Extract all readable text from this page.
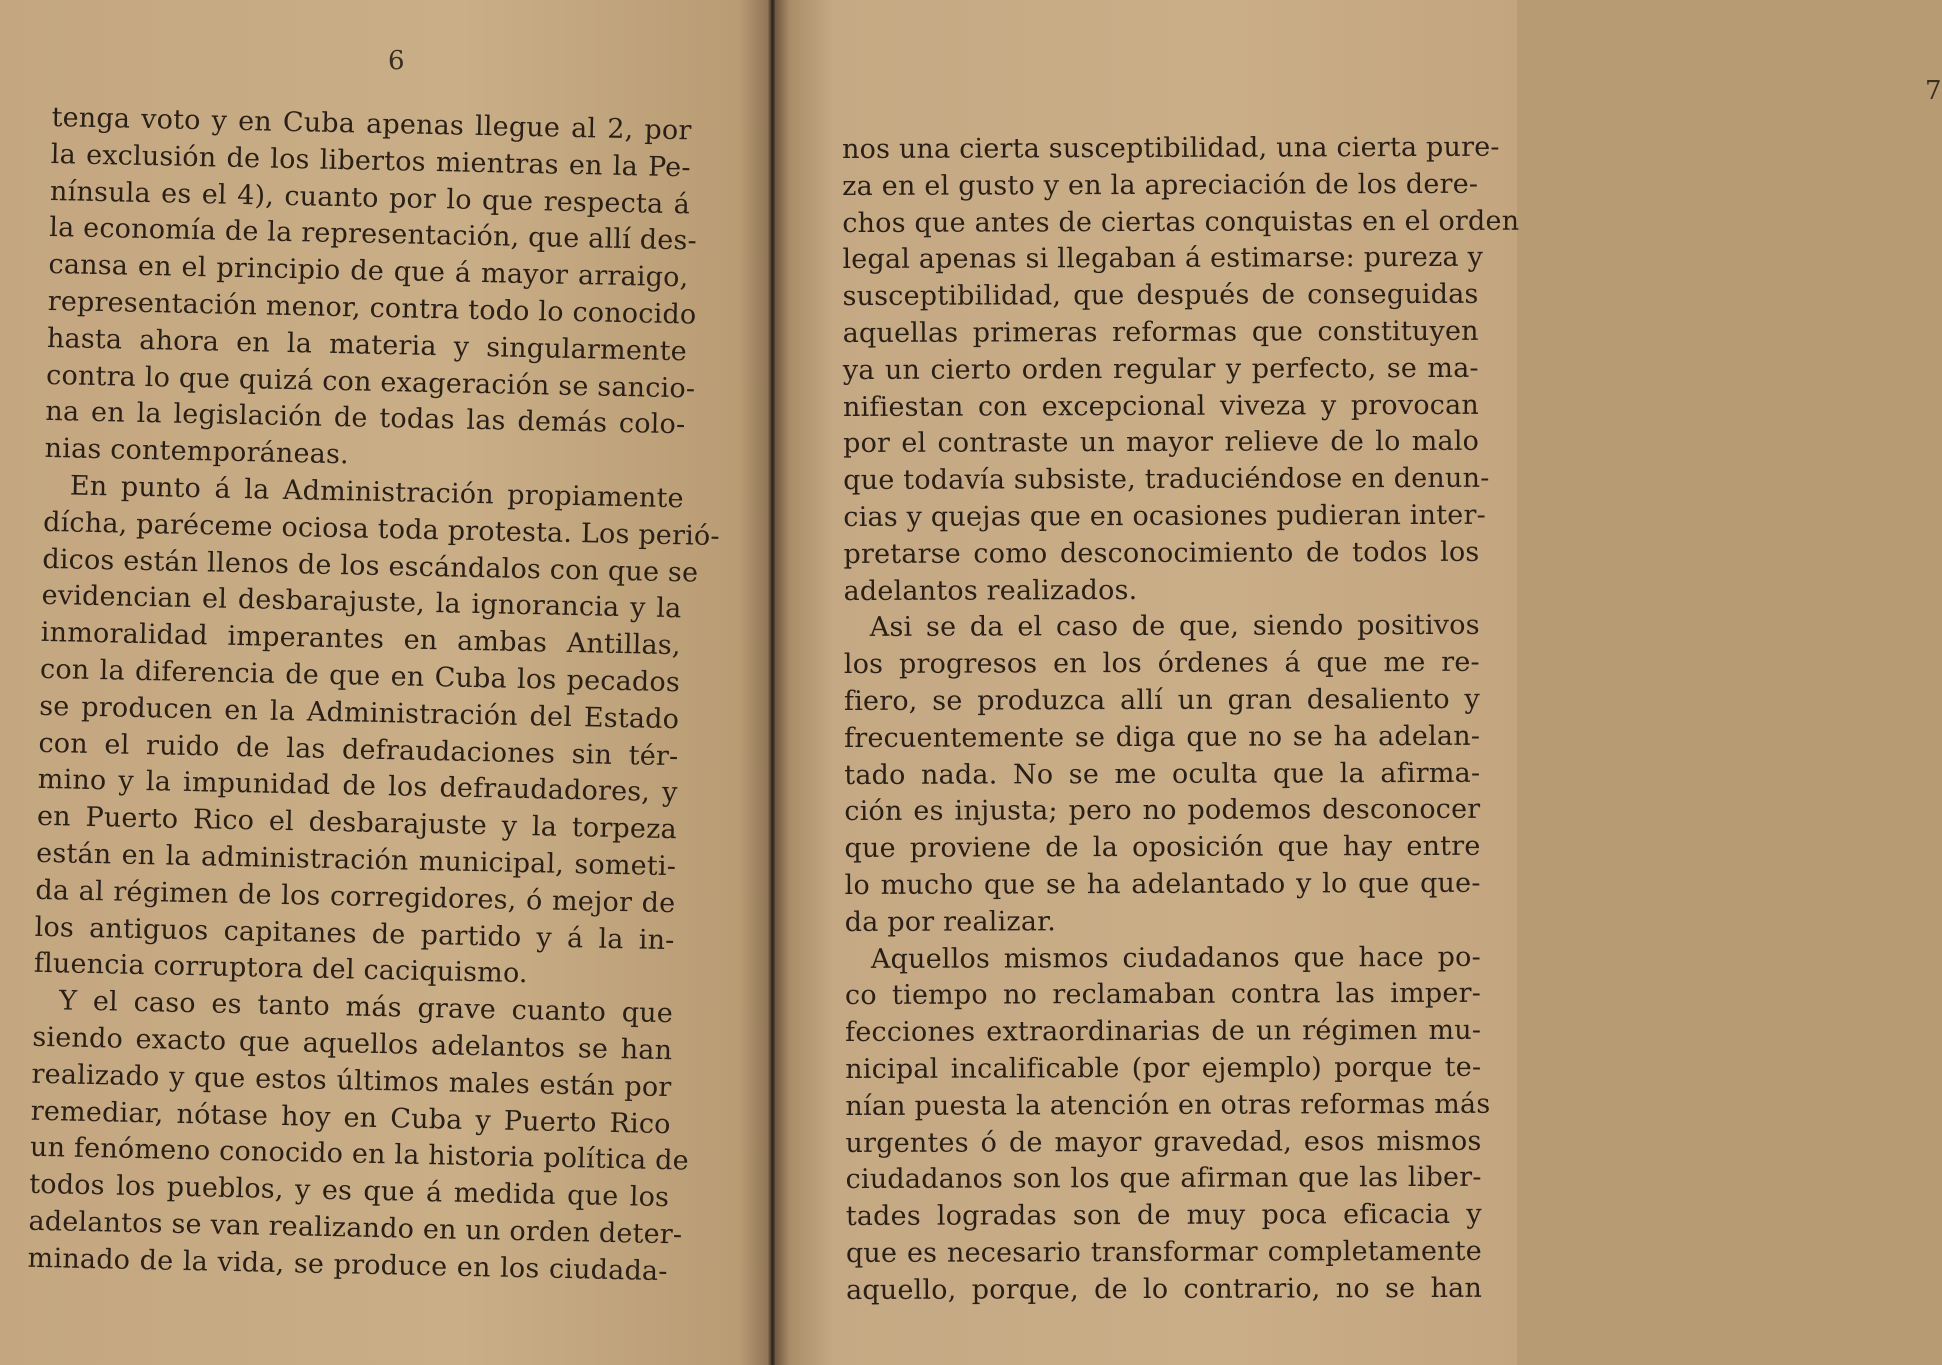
6
7
tenga voto y en Cuba apenas llegue al 2, por
la exclusión de los libertos mientras en la Pe-
nínsula es el 4), cuanto por lo que respecta á
la economía de la representación, que allí des-
cansa en el principio de que á mayor arraigo,
representación menor, contra todo lo conocido
hasta ahora en la materia y singularmente
contra lo que quizá con exageración se sancio-
na en la legislación de todas las demás colo-
nias contemporáneas.
En punto á la Administración propiamente
dícha, paréceme ociosa toda protesta. Los perió-
dicos están llenos de los escándalos con que se
evidencian el desbarajuste, la ignorancia y la
inmoralidad imperantes en ambas Antillas,
con la diferencia de que en Cuba los pecados
se producen en la Administración del Estado
con el ruido de las defraudaciones sin tér-
mino y la impunidad de los defraudadores, y
en Puerto Rico el desbarajuste y la torpeza
están en la administración municipal, someti-
da al régimen de los corregidores, ó mejor de
los antiguos capitanes de partido y á la in-
fluencia corruptora del caciquismo.
Y el caso es tanto más grave cuanto que
siendo exacto que aquellos adelantos se han
realizado y que estos últimos males están por
remediar, nótase hoy en Cuba y Puerto Rico
un fenómeno conocido en la historia política de
todos los pueblos, y es que á medida que los
adelantos se van realizando en un orden deter-
minado de la vida, se produce en los ciudada-
nos una cierta susceptibilidad, una cierta pure-
za en el gusto y en la apreciación de los dere-
chos que antes de ciertas conquistas en el orden
legal apenas si llegaban á estimarse: pureza y
susceptibilidad, que después de conseguidas
aquellas primeras reformas que constituyen
ya un cierto orden regular y perfecto, se ma-
nifiestan con excepcional viveza y provocan
por el contraste un mayor relieve de lo malo
que todavía subsiste, traduciéndose en denun-
cias y quejas que en ocasiones pudieran inter-
pretarse como desconocimiento de todos los
adelantos realizados.
Asi se da el caso de que, siendo positivos
los progresos en los órdenes á que me re-
fiero, se produzca allí un gran desaliento y
frecuentemente se diga que no se ha adelan-
tado nada. No se me oculta que la afirma-
ción es injusta; pero no podemos desconocer
que proviene de la oposición que hay entre
lo mucho que se ha adelantado y lo que que-
da por realizar.
Aquellos mismos ciudadanos que hace po-
co tiempo no reclamaban contra las imper-
fecciones extraordinarias de un régimen mu-
nicipal incalificable (por ejemplo) porque te-
nían puesta la atención en otras reformas más
urgentes ó de mayor gravedad, esos mismos
ciudadanos son los que afirman que las liber-
tades logradas son de muy poca eficacia y
que es necesario transformar completamente
aquello, porque, de lo contrario, no se han
